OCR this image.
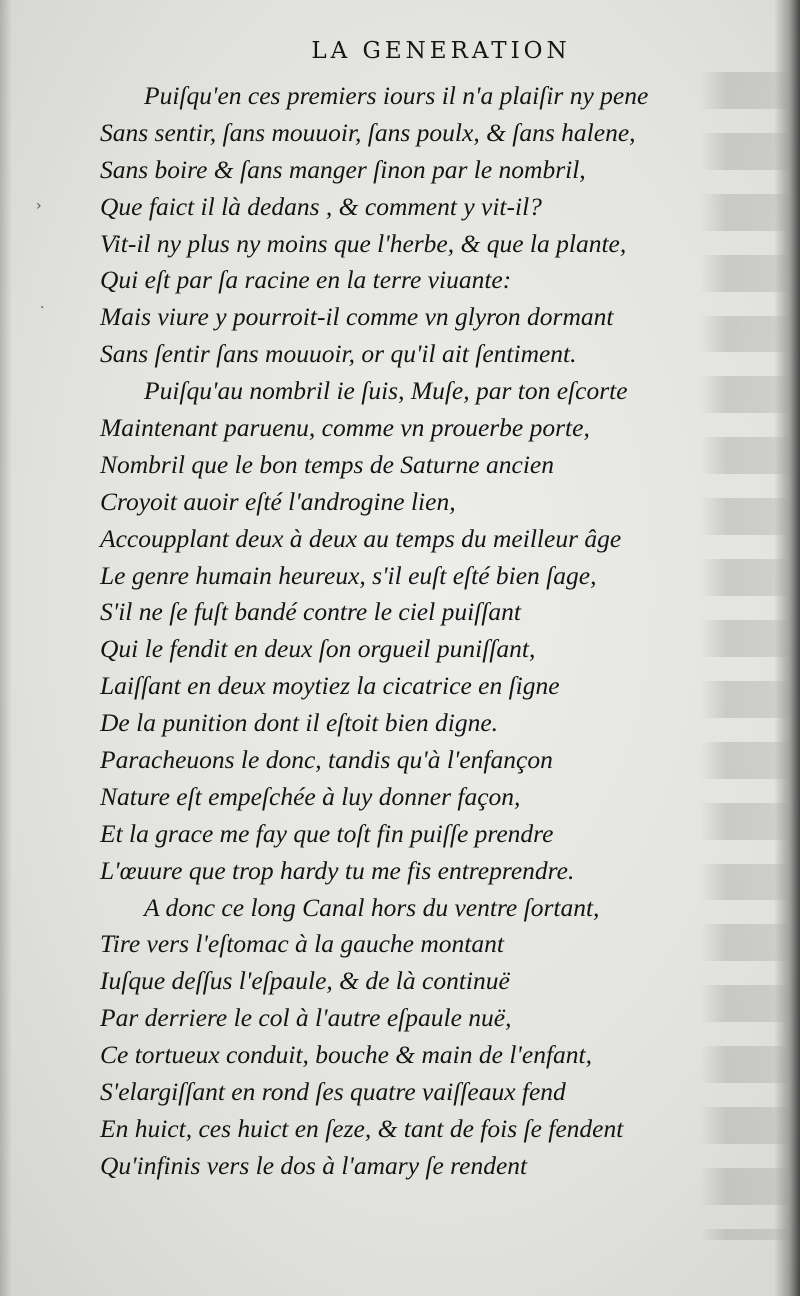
LA GENERATION
Puiſqu'en ces premiers iours il n'a plaiſir ny pene
Sans sentir, ſans mouuoir, ſans poulx, & ſans halene,
Sans boire & ſans manger ſinon par le nombril,
Que faict il là dedans , & comment y vit-il?
Vit-il ny plus ny moins que l'herbe, & que la plante,
Qui eſt par ſa racine en la terre viuante:
Mais viure y pourroit-il comme vn glyron dormant
Sans ſentir ſans mouuoir, or qu'il ait ſentiment.
Puiſqu'au nombril ie ſuis, Muſe, par ton eſcorte
Maintenant paruenu, comme vn prouerbe porte,
Nombril que le bon temps de Saturne ancien
Croyoit auoir eſté l'androgine lien,
Accoupplant deux à deux au temps du meilleur âge
Le genre humain heureux, s'il euſt eſté bien ſage,
S'il ne ſe fuſt bandé contre le ciel puiſſant
Qui le fendit en deux ſon orgueil puniſſant,
Laiſſant en deux moytiez la cicatrice en ſigne
De la punition dont il eſtoit bien digne.
Paracheuons le donc, tandis qu'à l'enfançon
Nature eſt empeſchée à luy donner façon,
Et la grace me fay que toſt fin puiſſe prendre
L'œuure que trop hardy tu me fis entreprendre.
A donc ce long Canal hors du ventre ſortant,
Tire vers l'eſtomac à la gauche montant
Iuſque deſſus l'eſpaule, & de là continuë
Par derriere le col à l'autre eſpaule nuë,
Ce tortueux conduit, bouche & main de l'enfant,
S'elargiſſant en rond ſes quatre vaiſſeaux fend
En huict, ces huict en ſeze, & tant de fois ſe fendent
Qu'infinis vers le dos à l'amary ſe rendent
›
·
